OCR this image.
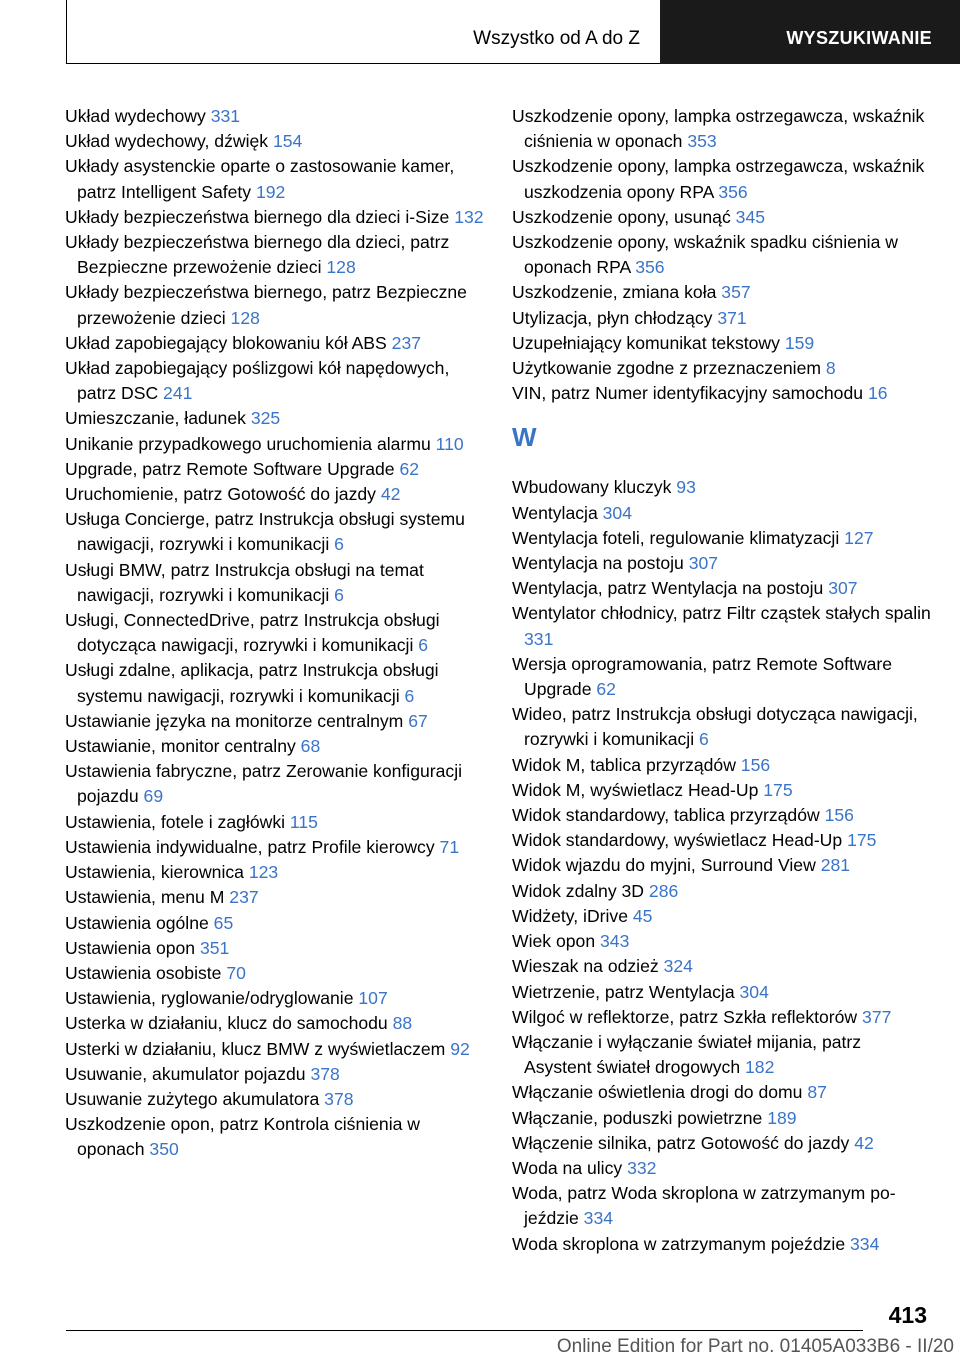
Wszystko od A do Z	WYSZUKIWANIE
Układ wydechowy 331
Układ wydechowy, dźwięk 154
Układy asystenckie oparte o zastosowanie kamer, patrz Intelligent Safety 192
Układy bezpieczeństwa biernego dla dzieci i-Size 132
Układy bezpieczeństwa biernego dla dzieci, patrz Bezpieczne przewożenie dzieci 128
Układy bezpieczeństwa biernego, patrz Bezpieczne przewożenie dzieci 128
Układ zapobiegający blokowaniu kół ABS 237
Układ zapobiegający poślizgowi kół napędowych, patrz DSC 241
Umieszczanie, ładunek 325
Unikanie przypadkowego uruchomienia alarmu 110
Upgrade, patrz Remote Software Upgrade 62
Uruchomienie, patrz Gotowość do jazdy 42
Usługa Concierge, patrz Instrukcja obsługi systemu nawigacji, rozrywki i komunikacji 6
Usługi BMW, patrz Instrukcja obsługi na temat nawigacji, rozrywki i komunikacji 6
Usługi, ConnectedDrive, patrz Instrukcja obsługi dotycząca nawigacji, rozrywki i komunikacji 6
Usługi zdalne, aplikacja, patrz Instrukcja obsługi systemu nawigacji, rozrywki i komunikacji 6
Ustawianie języka na monitorze centralnym 67
Ustawianie, monitor centralny 68
Ustawienia fabryczne, patrz Zerowanie konfiguracji pojazdu 69
Ustawienia, fotele i zagłówki 115
Ustawienia indywidualne, patrz Profile kierowcy 71
Ustawienia, kierownica 123
Ustawienia, menu M 237
Ustawienia ogólne 65
Ustawienia opon 351
Ustawienia osobiste 70
Ustawienia, ryglowanie/odryglowanie 107
Usterka w działaniu, klucz do samochodu 88
Usterki w działaniu, klucz BMW z wyświetlaczem 92
Usuwanie, akumulator pojazdu 378
Usuwanie zużytego akumulatora 378
Uszkodzenie opon, patrz Kontrola ciśnienia w oponach 350
Uszkodzenie opony, lampka ostrzegawcza, wskaźnik ciśnienia w oponach 353
Uszkodzenie opony, lampka ostrzegawcza, wskaźnik uszkodzenia opony RPA 356
Uszkodzenie opony, usunąć 345
Uszkodzenie opony, wskaźnik spadku ciśnienia w oponach RPA 356
Uszkodzenie, zmiana koła 357
Utylizacja, płyn chłodzący 371
Uzupełniający komunikat tekstowy 159
Użytkowanie zgodne z przeznaczeniem 8
VIN, patrz Numer identyfikacyjny samochodu 16
W
Wbudowany kluczyk 93
Wentylacja 304
Wentylacja foteli, regulowanie klimatyzacji 127
Wentylacja na postoju 307
Wentylacja, patrz Wentylacja na postoju 307
Wentylator chłodnicy, patrz Filtr cząstek stałych spalin 331
Wersja oprogramowania, patrz Remote Software Upgrade 62
Wideo, patrz Instrukcja obsługi dotycząca nawigacji, rozrywki i komunikacji 6
Widok M, tablica przyrządów 156
Widok M, wyświetlacz Head-Up 175
Widok standardowy, tablica przyrządów 156
Widok standardowy, wyświetlacz Head-Up 175
Widok wjazdu do myjni, Surround View 281
Widok zdalny 3D 286
Widżety, iDrive 45
Wiek opon 343
Wieszak na odzież 324
Wietrzenie, patrz Wentylacja 304
Wilgoć w reflektorze, patrz Szkła reflektorów 377
Włączanie i wyłączanie świateł mijania, patrz Asystent świateł drogowych 182
Włączanie oświetlenia drogi do domu 87
Włączanie, poduszki powietrzne 189
Włączenie silnika, patrz Gotowość do jazdy 42
Woda na ulicy 332
Woda, patrz Woda skroplona w zatrzymanym pojeździe 334
Woda skroplona w zatrzymanym pojeździe 334
413
Online Edition for Part no. 01405A033B6 - II/20
